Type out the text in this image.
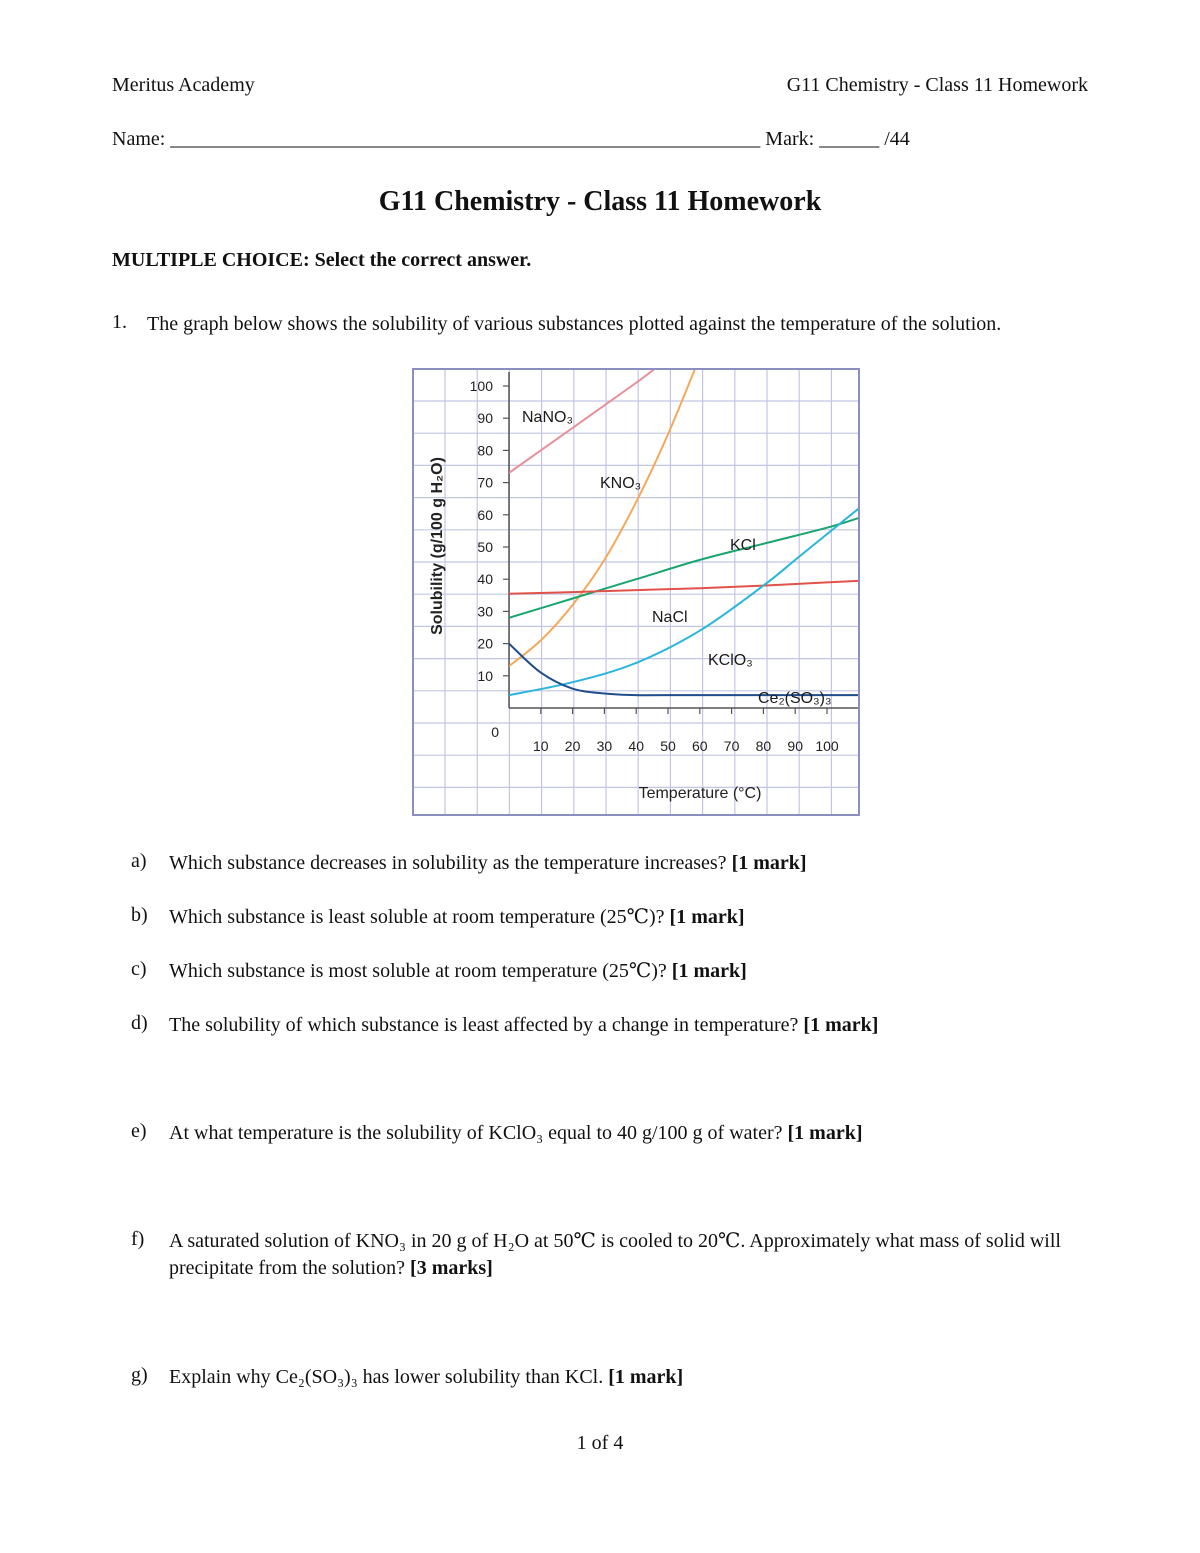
Meritus Academy	G11 Chemistry - Class 11 Homework
Name: ___________________________________________________________ Mark: ______ /44
G11 Chemistry - Class 11 Homework
MULTIPLE CHOICE: Select the correct answer.
1. The graph below shows the solubility of various substances plotted against the temperature of the solution.
100
90
80
70
60
50
40
30
20
10
10 20 30 40 50 60 70 80 90 100
0
Temperature (°C)
Solubility (g/100 g H₂O)
NaNO₃
KNO₃
KCl
NaCl
KClO₃
Ce₂(SO₃)₃
a) Which substance decreases in solubility as the temperature increases? [1 mark]
b) Which substance is least soluble at room temperature (25℃)? [1 mark]
c) Which substance is most soluble at room temperature (25℃)? [1 mark]
d) The solubility of which substance is least affected by a change in temperature? [1 mark]
e) At what temperature is the solubility of KClO₃ equal to 40 g/100 g of water? [1 mark]
f) A saturated solution of KNO₃ in 20 g of H₂O at 50℃ is cooled to 20℃. Approximately what mass of solid will precipitate from the solution? [3 marks]
g) Explain why Ce₂(SO₃)₃ has lower solubility than KCl. [1 mark]
1 of 4
